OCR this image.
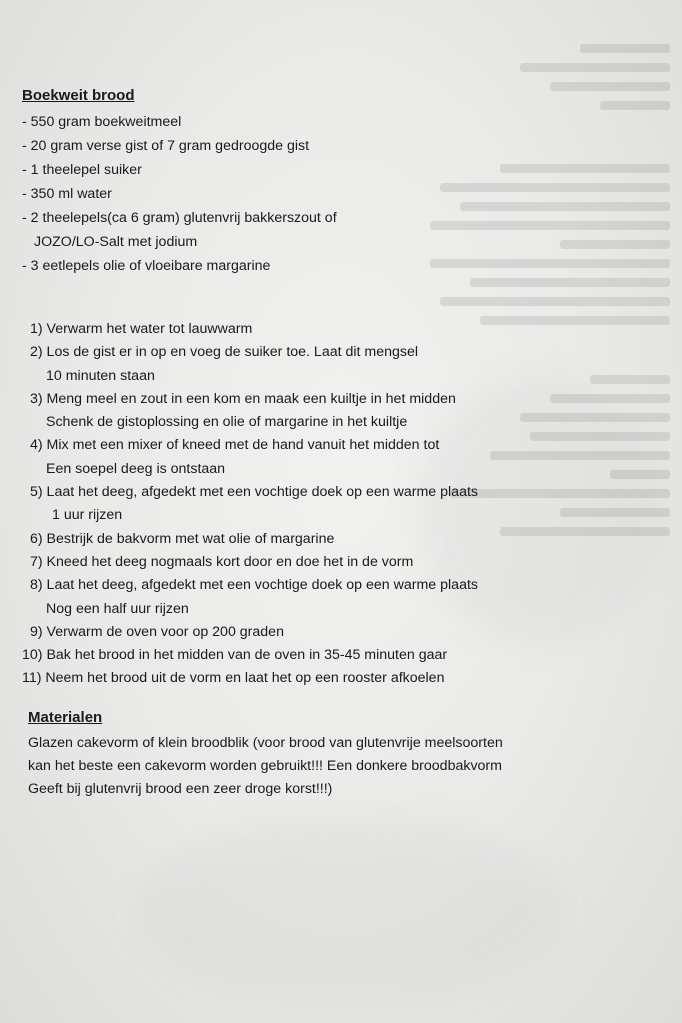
Boekweit brood
- 550 gram boekweitmeel
- 20 gram verse gist of 7 gram gedroogde gist
- 1 theelepel suiker
- 350 ml water
- 2 theelepels(ca 6 gram) glutenvrij bakkerszout of
JOZO/LO-Salt met jodium
- 3 eetlepels olie of vloeibare margarine
1) Verwarm het water tot lauwwarm
2) Los de gist er in op en voeg de suiker toe. Laat dit mengsel
10 minuten staan
3) Meng meel en zout in een kom en maak een kuiltje in het midden
Schenk de gistoplossing en olie of margarine in het kuiltje
4) Mix met een mixer of kneed met de hand vanuit het midden tot
Een soepel deeg is ontstaan
5) Laat het deeg, afgedekt met een vochtige doek op een warme plaats
1 uur rijzen
6) Bestrijk de bakvorm met wat olie of margarine
7) Kneed het deeg nogmaals kort door en doe het in de vorm
8) Laat het deeg, afgedekt met een vochtige doek op een warme plaats
Nog een half uur rijzen
9) Verwarm de oven voor op 200 graden
10) Bak het brood in het midden van de oven in 35-45 minuten gaar
11) Neem het brood uit de vorm en laat het op een rooster afkoelen
Materialen
Glazen cakevorm of klein broodblik (voor brood van glutenvrije meelsoorten
kan het beste een cakevorm worden gebruikt!!! Een donkere broodbakvorm
Geeft bij glutenvrij brood een zeer droge korst!!!)
